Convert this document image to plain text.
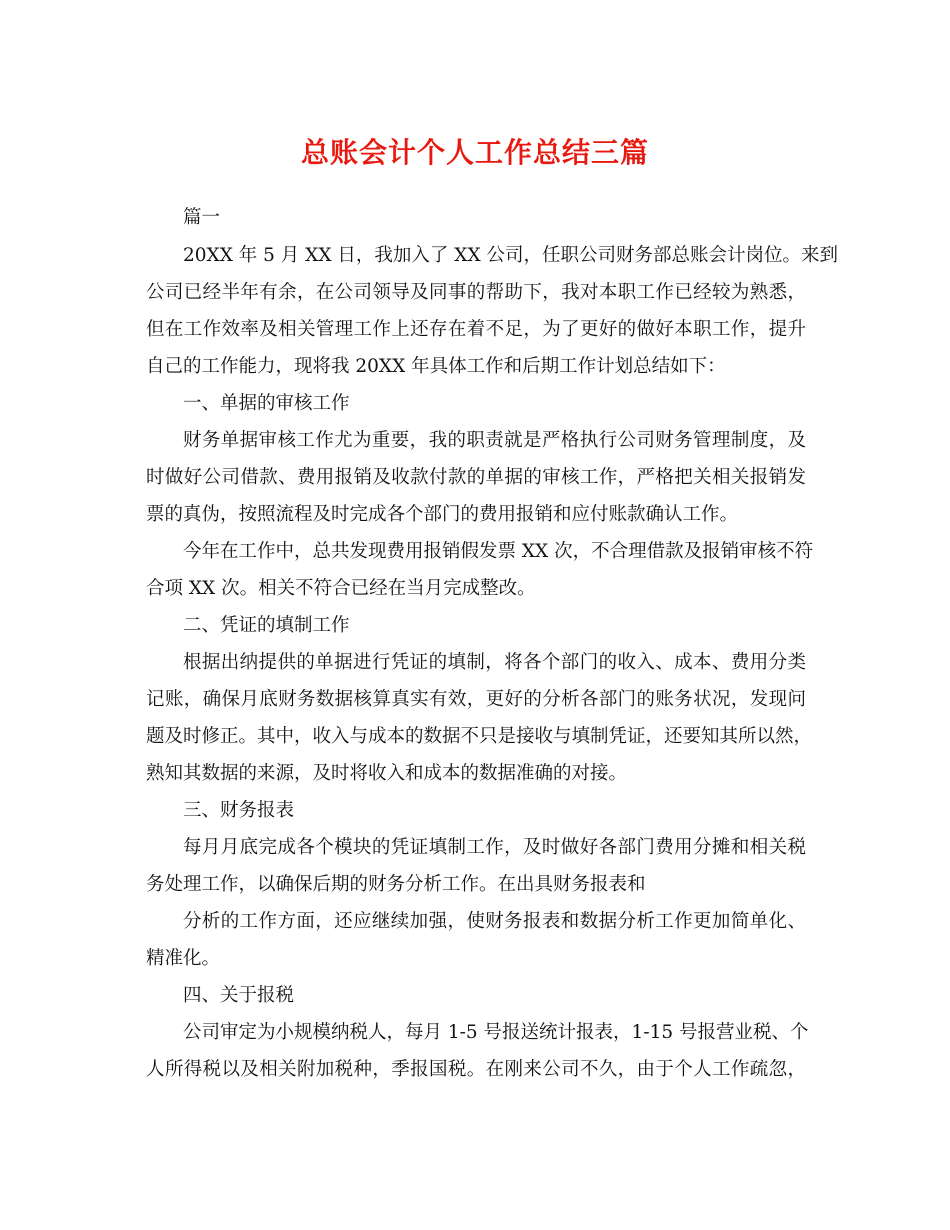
总账会计个人工作总结三篇

篇一

20XX 年 5 月 XX 日，我加入了 XX 公司，任职公司财务部总账会计岗位。来到

公司已经半年有余，在公司领导及同事的帮助下，我对本职工作已经较为熟悉，

但在工作效率及相关管理工作上还存在着不足，为了更好的做好本职工作，提升

自己的工作能力，现将我 20XX 年具体工作和后期工作计划总结如下：

一、单据的审核工作

财务单据审核工作尤为重要，我的职责就是严格执行公司财务管理制度，及

时做好公司借款、费用报销及收款付款的单据的审核工作，严格把关相关报销发

票的真伪，按照流程及时完成各个部门的费用报销和应付账款确认工作。

今年在工作中，总共发现费用报销假发票 XX 次，不合理借款及报销审核不符

合项 XX 次。相关不符合已经在当月完成整改。

二、凭证的填制工作

根据出纳提供的单据进行凭证的填制，将各个部门的收入、成本、费用分类

记账，确保月底财务数据核算真实有效，更好的分析各部门的账务状况，发现问

题及时修正。其中，收入与成本的数据不只是接收与填制凭证，还要知其所以然，

熟知其数据的来源，及时将收入和成本的数据准确的对接。

三、财务报表

每月月底完成各个模块的凭证填制工作，及时做好各部门费用分摊和相关税

务处理工作，以确保后期的财务分析工作。在出具财务报表和

分析的工作方面，还应继续加强，使财务报表和数据分析工作更加简单化、

精准化。

四、关于报税

公司审定为小规模纳税人，每月 1-5 号报送统计报表，1-15 号报营业税、个

人所得税以及相关附加税种，季报国税。在刚来公司不久，由于个人工作疏忽，
